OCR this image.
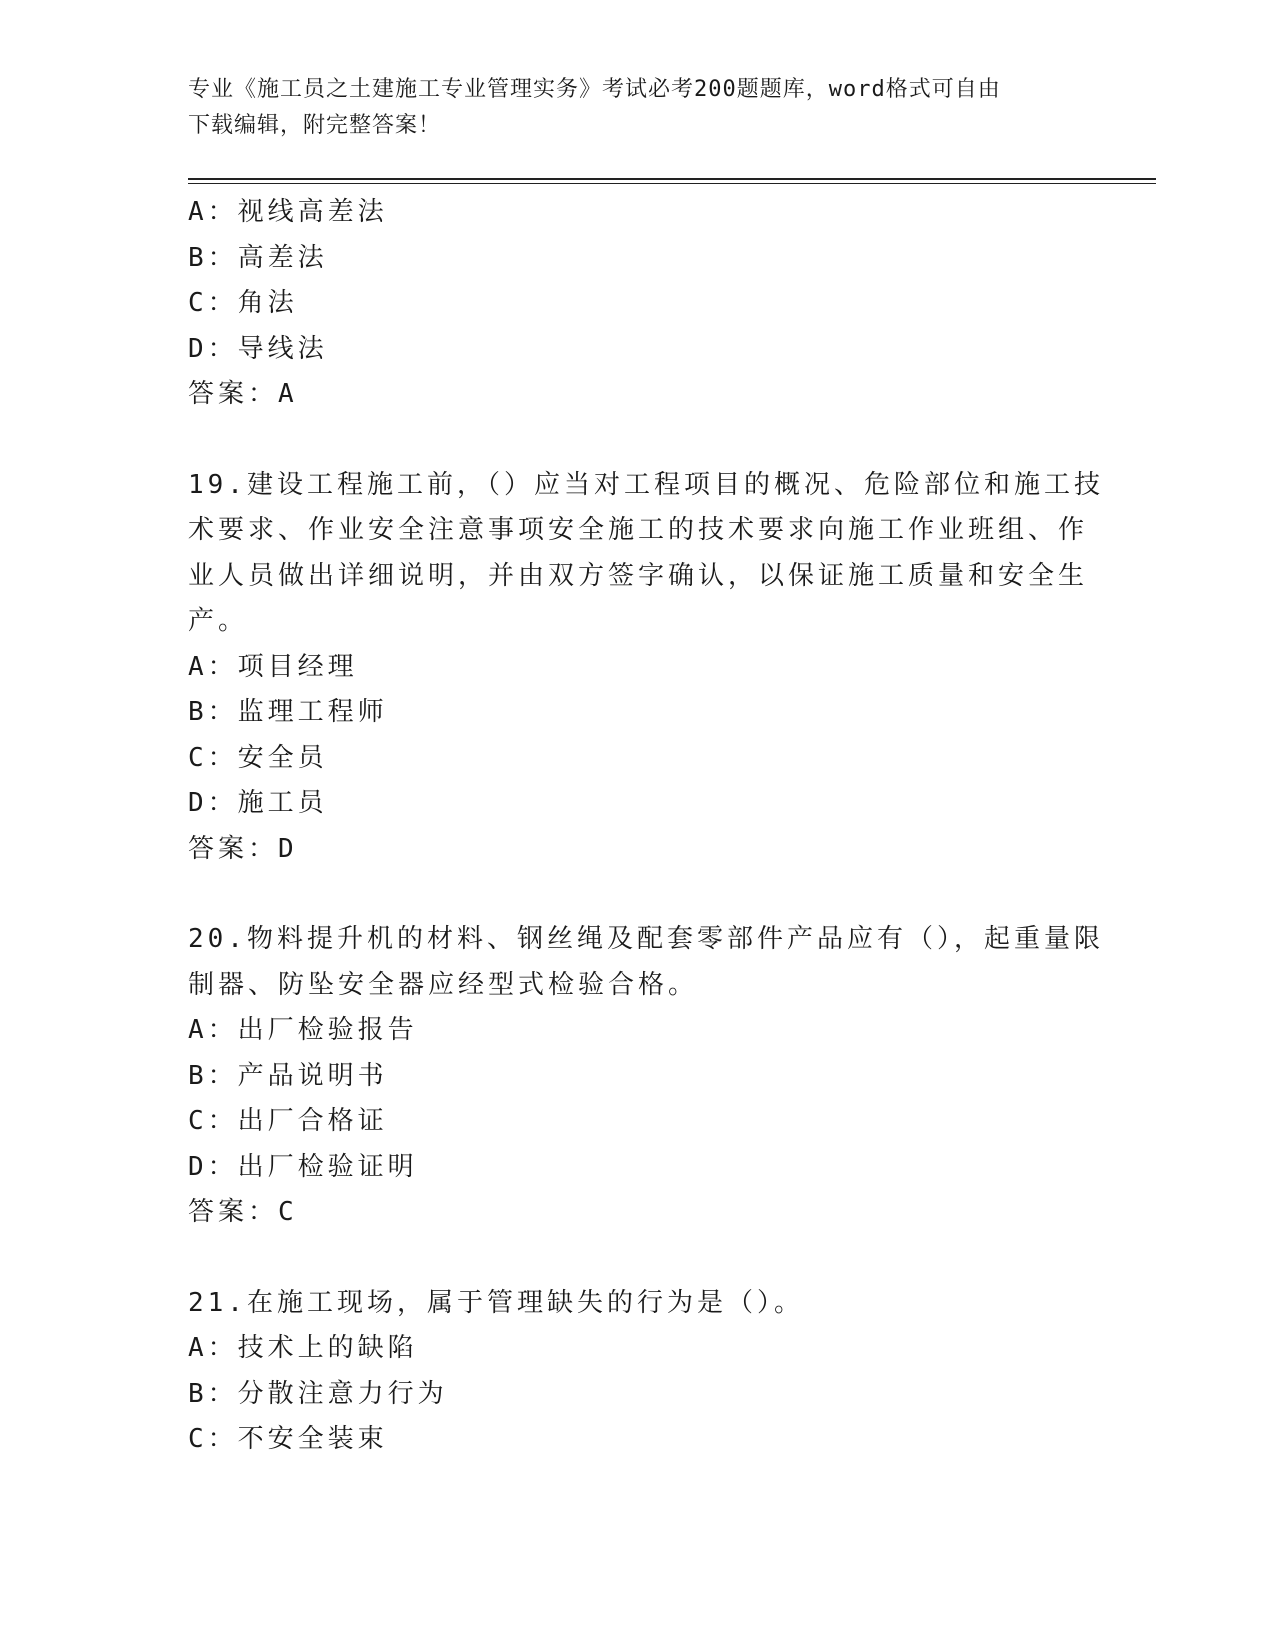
专业《施工员之土建施工专业管理实务》考试必考200题题库，word格式可自由
下载编辑，附完整答案！
A：视线高差法
B：高差法
C：角法
D：导线法
答案：A
19.建设工程施工前，（）应当对工程项目的概况、危险部位和施工技
术要求、作业安全注意事项安全施工的技术要求向施工作业班组、作
业人员做出详细说明，并由双方签字确认，以保证施工质量和安全生
产。
A：项目经理
B：监理工程师
C：安全员
D：施工员
答案：D
20.物料提升机的材料、钢丝绳及配套零部件产品应有（），起重量限
制器、防坠安全器应经型式检验合格。
A：出厂检验报告
B：产品说明书
C：出厂合格证
D：出厂检验证明
答案：C
21.在施工现场，属于管理缺失的行为是（）。
A：技术上的缺陷
B：分散注意力行为
C：不安全装束
